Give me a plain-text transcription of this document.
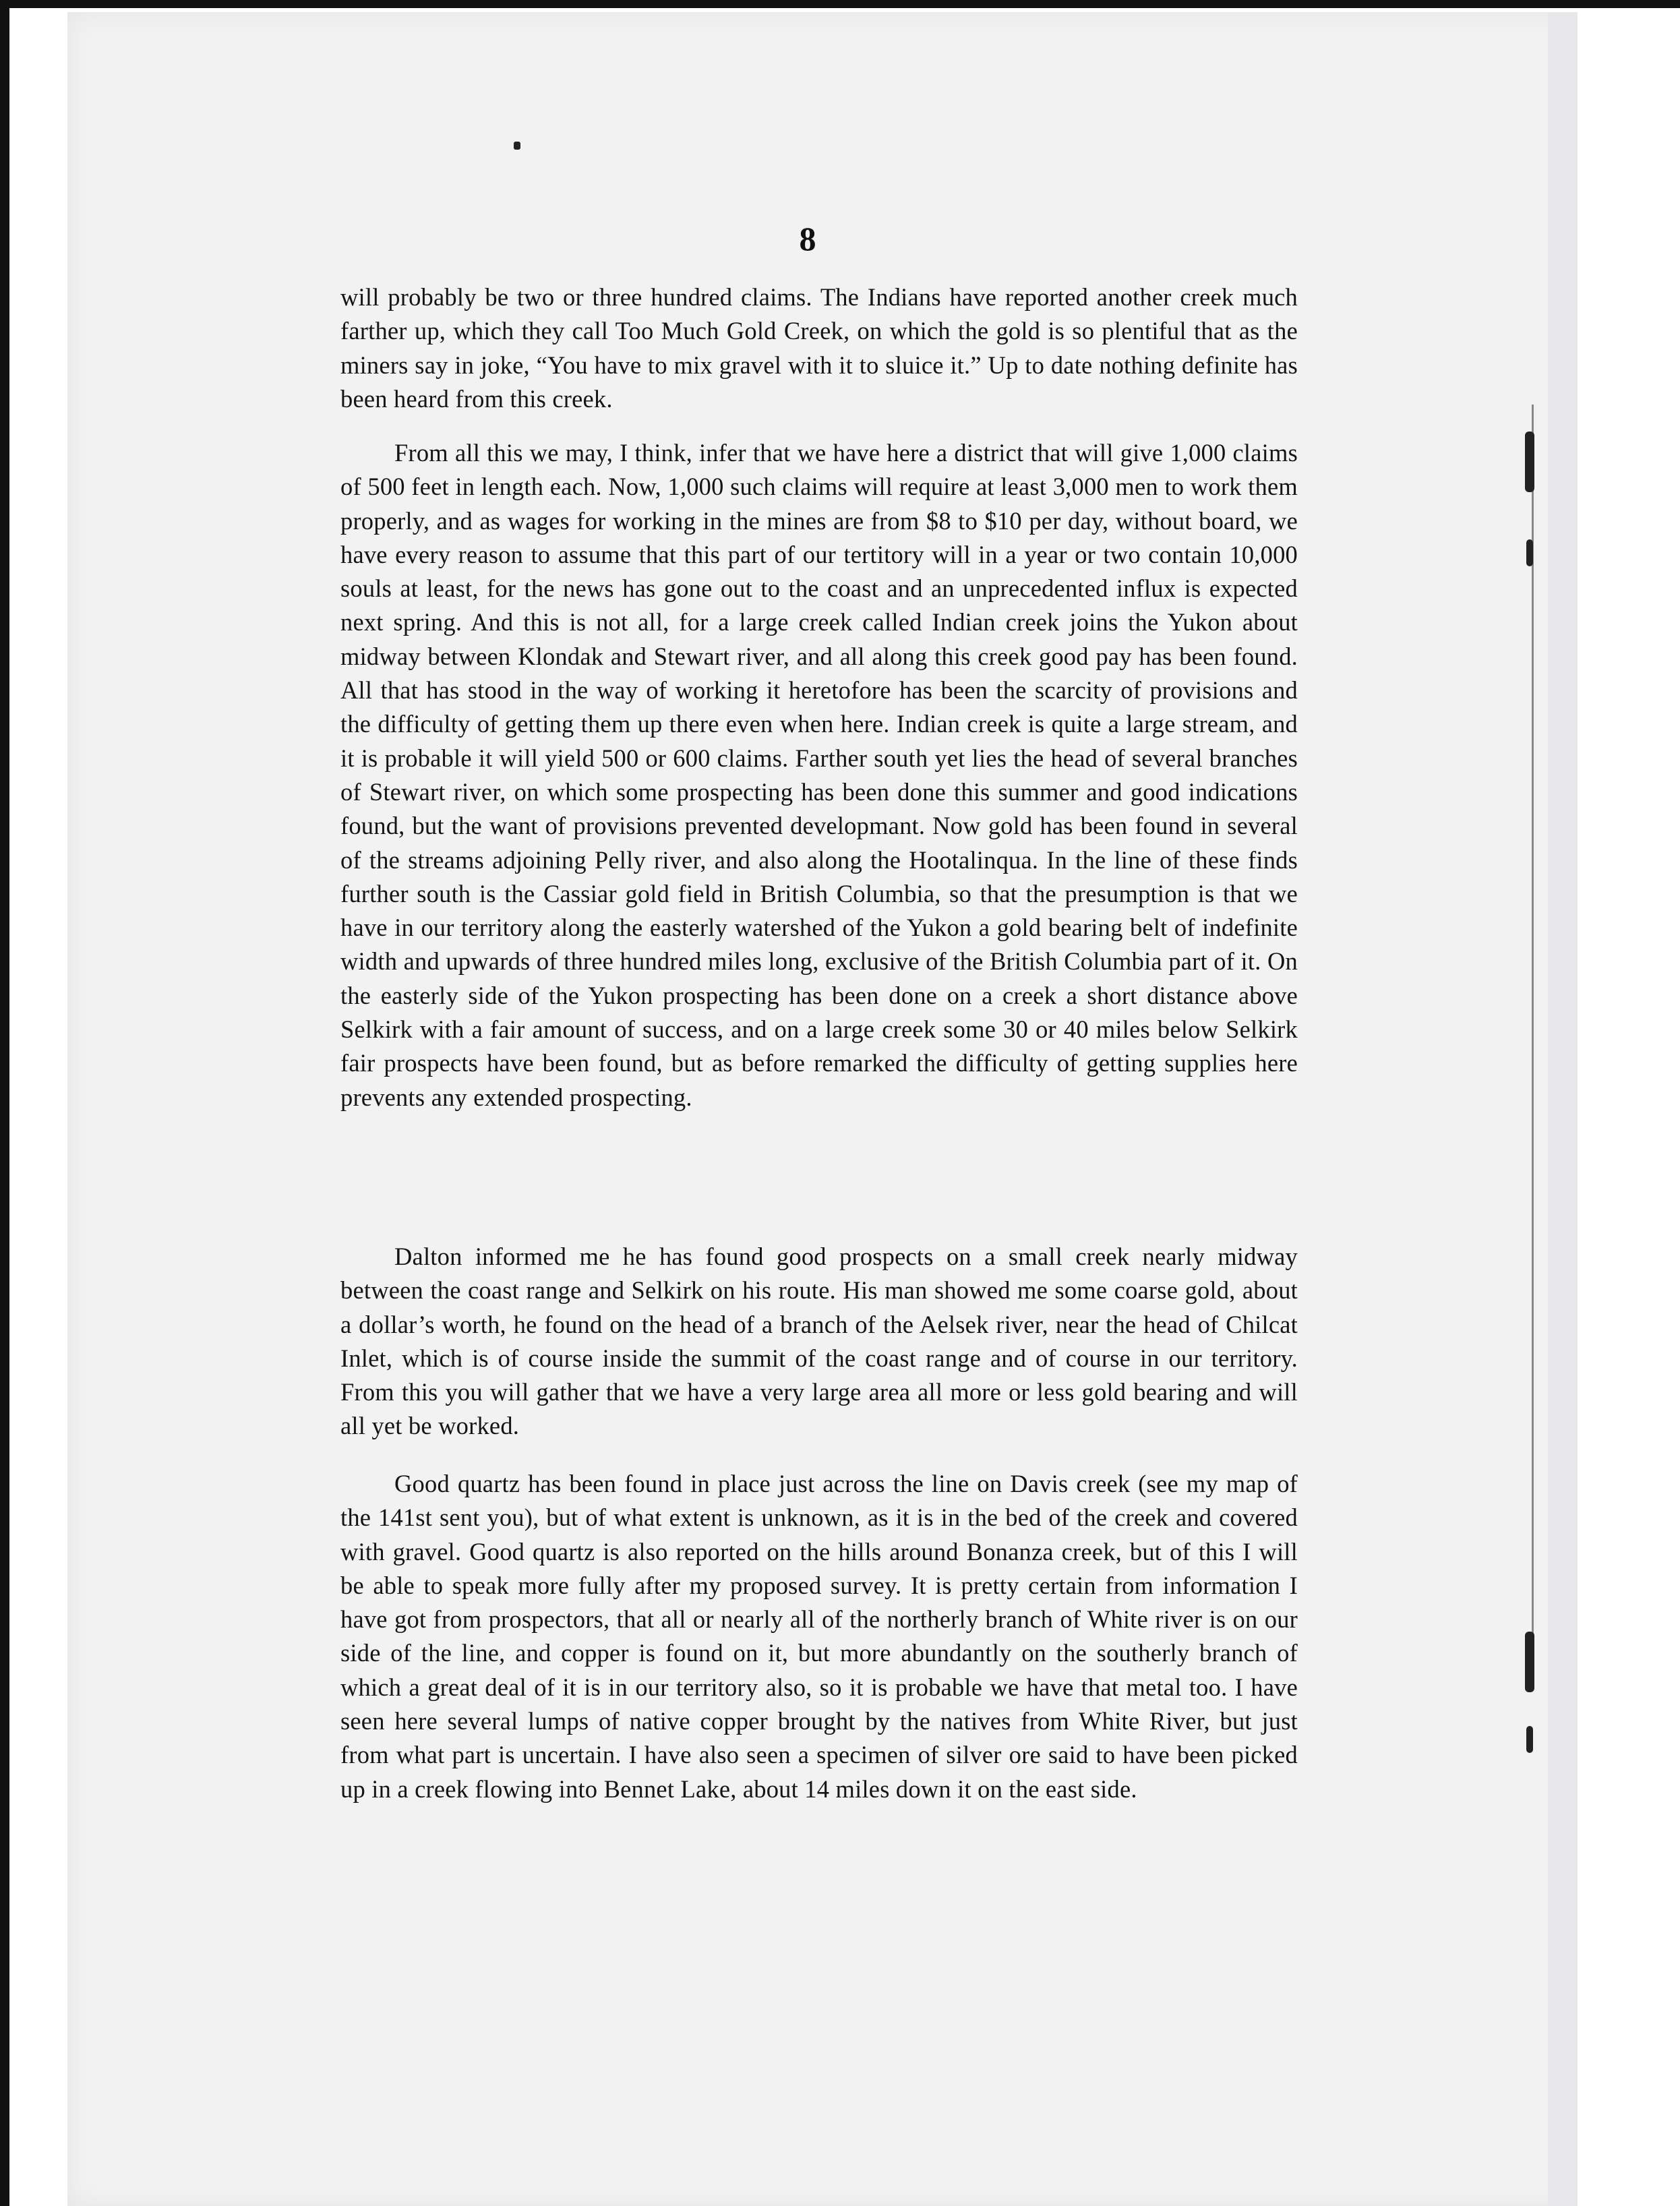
8

will probably be two or three hundred claims. The Indians have reported another creek much farther up, which they call Too Much Gold Creek, on which the gold is so plentiful that as the miners say in joke, “You have to mix gravel with it to sluice it.” Up to date nothing definite has been heard from this creek.

From all this we may, I think, infer that we have here a district that will give 1,000 claims of 500 feet in length each. Now, 1,000 such claims will require at least 3,000 men to work them properly, and as wages for working in the mines are from $8 to $10 per day, without board, we have every reason to assume that this part of our tertitory will in a year or two contain 10,000 souls at least, for the news has gone out to the coast and an unprecedented influx is expected next spring. And this is not all, for a large creek called Indian creek joins the Yukon about midway between Klondak and Stewart river, and all along this creek good pay has been found. All that has stood in the way of working it heretofore has been the scarcity of provisions and the difficulty of getting them up there even when here. Indian creek is quite a large stream, and it is probable it will yield 500 or 600 claims. Farther south yet lies the head of several branches of Stewart river, on which some prospecting has been done this summer and good indications found, but the want of provisions prevented developmant. Now gold has been found in several of the streams adjoining Pelly river, and also along the Hootalinqua. In the line of these finds further south is the Cassiar gold field in British Columbia, so that the presumption is that we have in our territory along the easterly watershed of the Yukon a gold bearing belt of indefinite width and upwards of three hundred miles long, exclusive of the British Columbia part of it. On the easterly side of the Yukon prospecting has been done on a creek a short distance above Selkirk with a fair amount of success, and on a large creek some 30 or 40 miles below Selkirk fair prospects have been found, but as before remarked the difficulty of getting supplies here prevents any extended prospecting.

Dalton informed me he has found good prospects on a small creek nearly midway between the coast range and Selkirk on his route. His man showed me some coarse gold, about a dollar’s worth, he found on the head of a branch of the Aelsek river, near the head of Chilcat Inlet, which is of course inside the summit of the coast range and of course in our territory. From this you will gather that we have a very large area all more or less gold bearing and will all yet be worked.

Good quartz has been found in place just across the line on Davis creek (see my map of the 141st sent you), but of what extent is unknown, as it is in the bed of the creek and covered with gravel. Good quartz is also reported on the hills around Bonanza creek, but of this I will be able to speak more fully after my proposed survey. It is pretty certain from information I have got from prospectors, that all or nearly all of the northerly branch of White river is on our side of the line, and copper is found on it, but more abundantly on the southerly branch of which a great deal of it is in our territory also, so it is probable we have that metal too. I have seen here several lumps of native copper brought by the natives from White River, but just from what part is uncertain. I have also seen a specimen of silver ore said to have been picked up in a creek flowing into Bennet Lake, about 14 miles down it on the east side.
